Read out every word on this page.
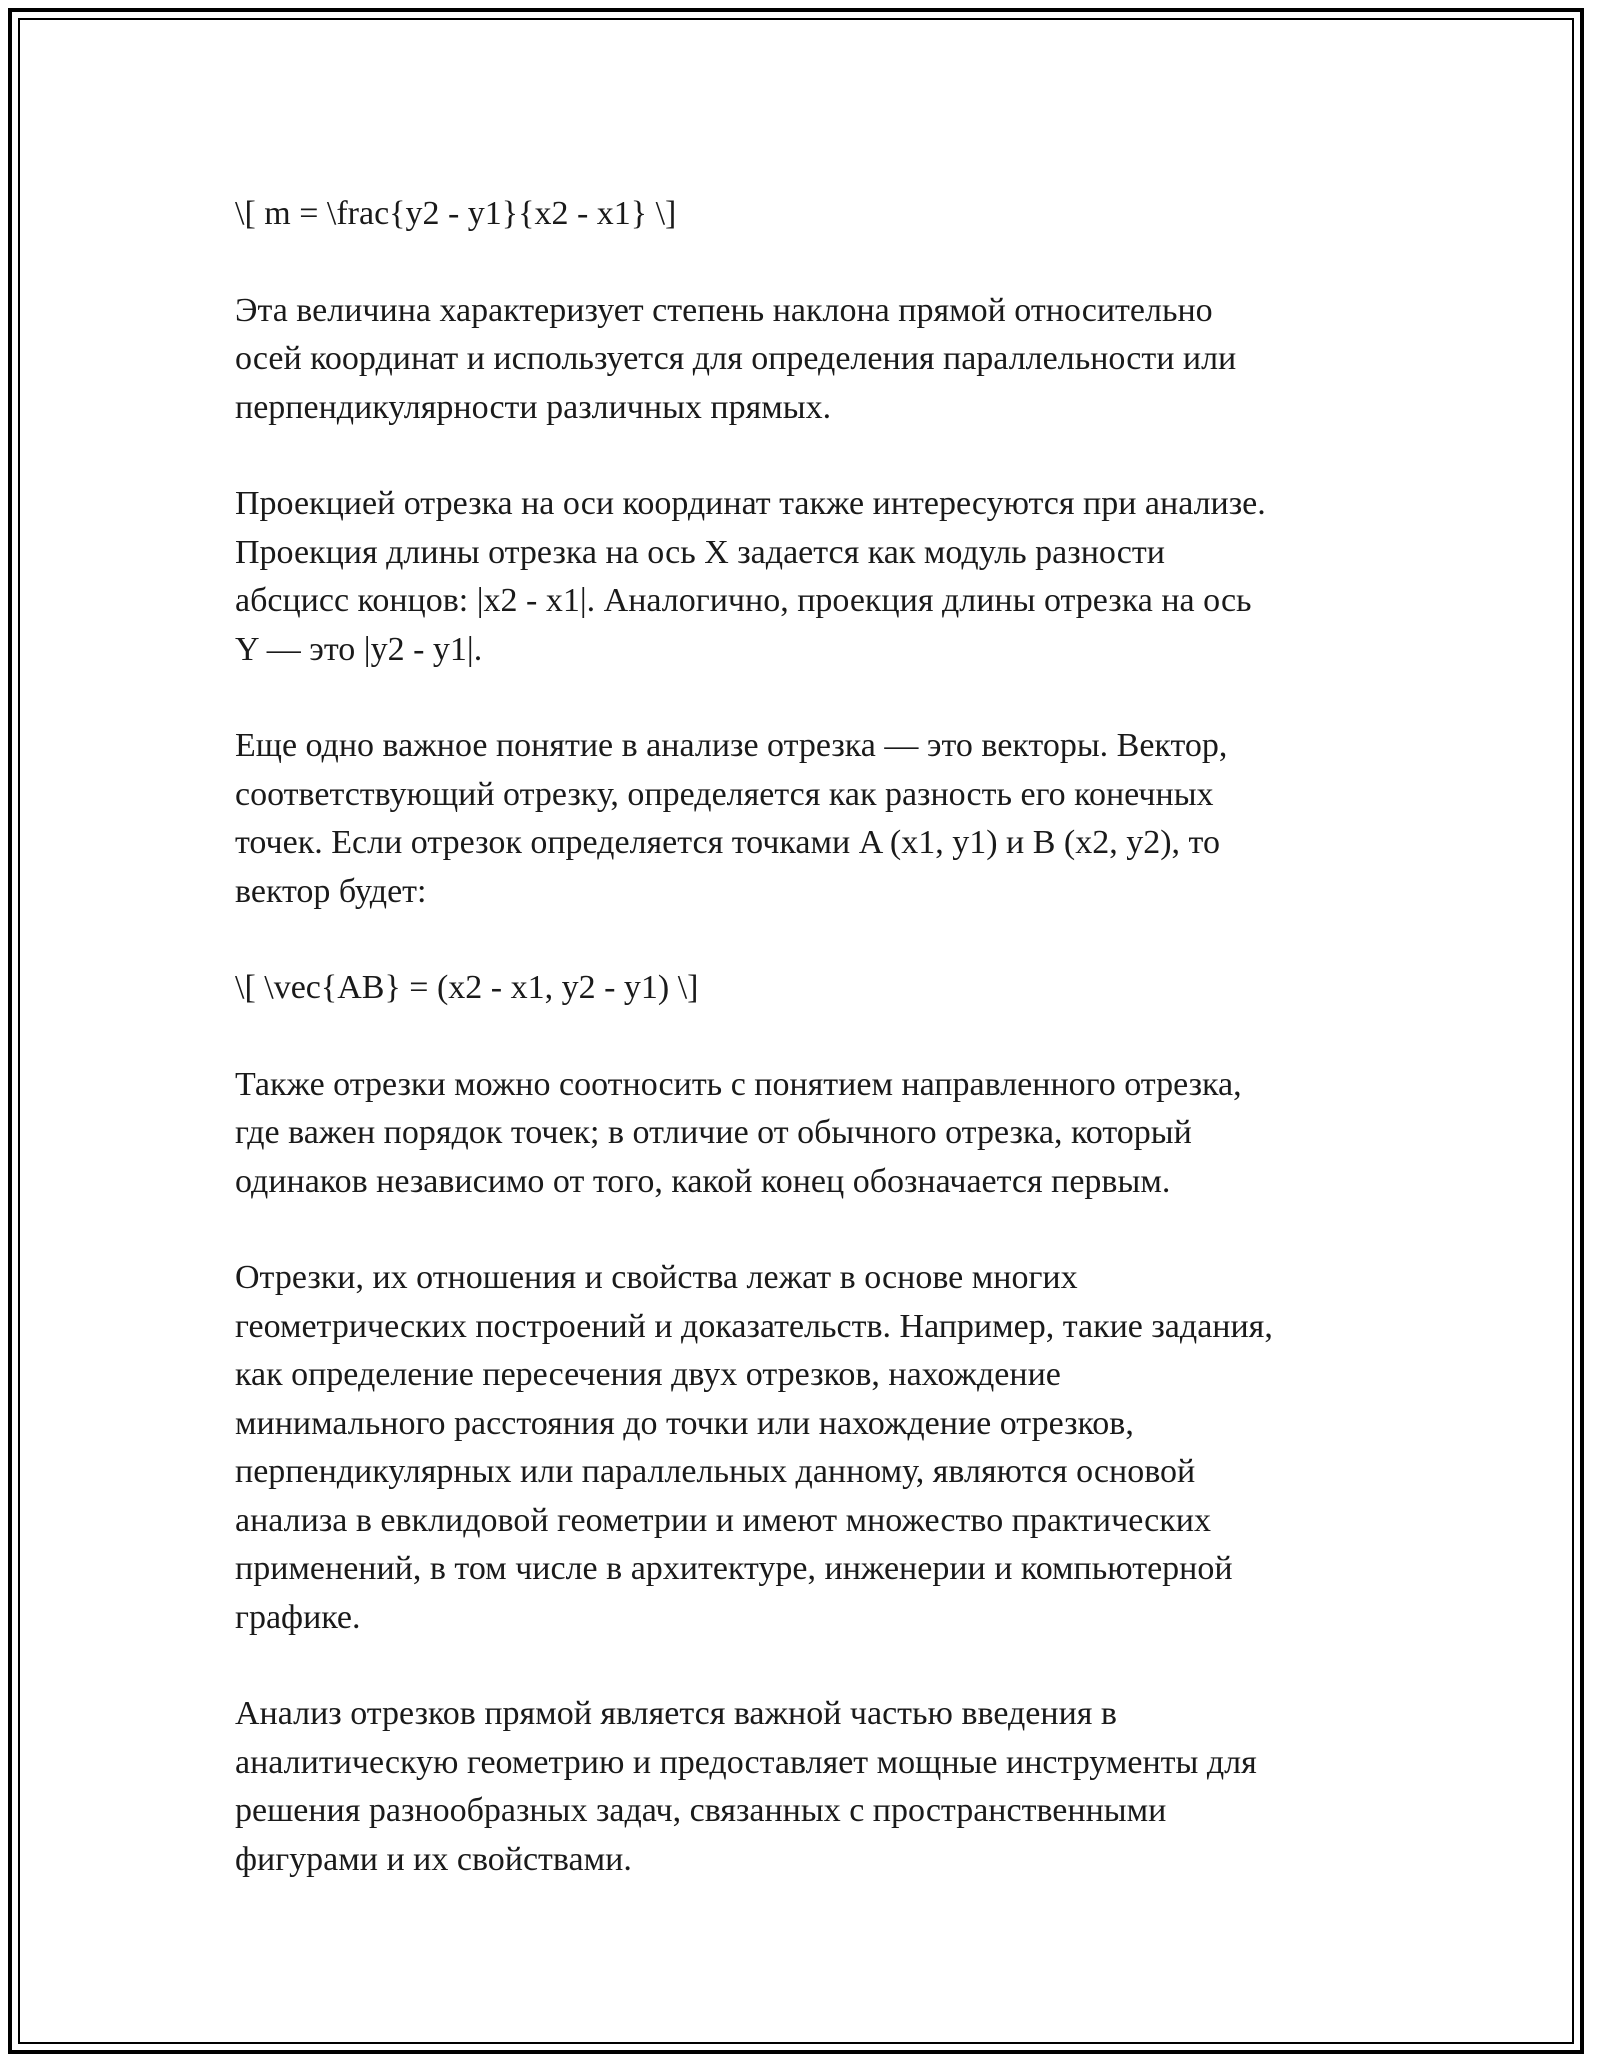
\[ m = \frac{y2 - y1}{x2 - x1} \]

Эта величина характеризует степень наклона прямой относительно
осей координат и используется для определения параллельности или
перпендикулярности различных прямых.

Проекцией отрезка на оси координат также интересуются при анализе.
Проекция длины отрезка на ось X задается как модуль разности
абсцисс концов: |x2 - x1|. Аналогично, проекция длины отрезка на ось
Y — это |y2 - y1|.

Еще одно важное понятие в анализе отрезка — это векторы. Вектор,
соответствующий отрезку, определяется как разность его конечных
точек. Если отрезок определяется точками A (x1, y1) и B (x2, y2), то
вектор будет:

\[ \vec{AB} = (x2 - x1, y2 - y1) \]

Также отрезки можно соотносить с понятием направленного отрезка,
где важен порядок точек; в отличие от обычного отрезка, который
одинаков независимо от того, какой конец обозначается первым.

Отрезки, их отношения и свойства лежат в основе многих
геометрических построений и доказательств. Например, такие задания,
как определение пересечения двух отрезков, нахождение
минимального расстояния до точки или нахождение отрезков,
перпендикулярных или параллельных данному, являются основой
анализа в евклидовой геометрии и имеют множество практических
применений, в том числе в архитектуре, инженерии и компьютерной
графике.

Анализ отрезков прямой является важной частью введения в
аналитическую геометрию и предоставляет мощные инструменты для
решения разнообразных задач, связанных с пространственными
фигурами и их свойствами.
